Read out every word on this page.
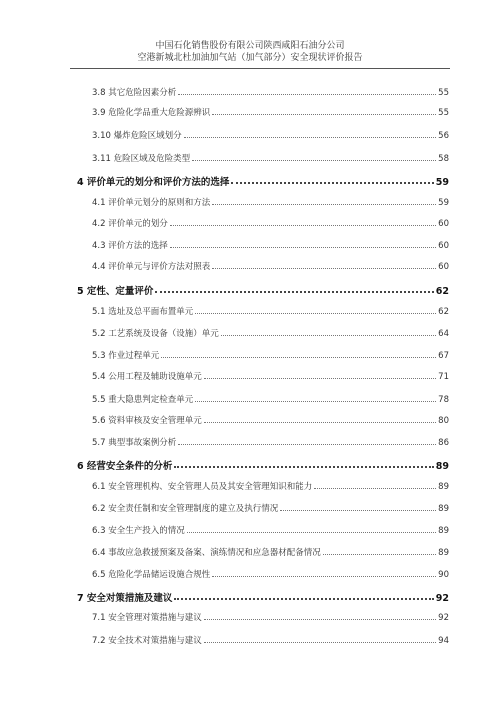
中国石化销售股份有限公司陕西咸阳石油分公司
空港新城北杜加油加气站（加气部分）安全现状评价报告
3.8 其它危险因素分析	55
3.9 危险化学品重大危险源辨识	55
3.10 爆炸危险区域划分	56
3.11 危险区域及危险类型	58
4 评价单元的划分和评价方法的选择	59
4.1 评价单元划分的原则和方法	59
4.2 评价单元的划分	60
4.3 评价方法的选择	60
4.4 评价单元与评价方法对照表	60
5 定性、定量评价	62
5.1 选址及总平面布置单元	62
5.2 工艺系统及设备（设施）单元	64
5.3 作业过程单元	67
5.4 公用工程及辅助设施单元	71
5.5 重大隐患判定检查单元	78
5.6 资料审核及安全管理单元	80
5.7 典型事故案例分析	86
6 经营安全条件的分析	89
6.1 安全管理机构、安全管理人员及其安全管理知识和能力	89
6.2 安全责任制和安全管理制度的建立及执行情况	89
6.3 安全生产投入的情况	89
6.4 事故应急救援预案及备案、演练情况和应急器材配备情况	89
6.5 危险化学品储运设施合规性	90
7 安全对策措施及建议	92
7.1 安全管理对策措施与建议	92
7.2 安全技术对策措施与建议	94
